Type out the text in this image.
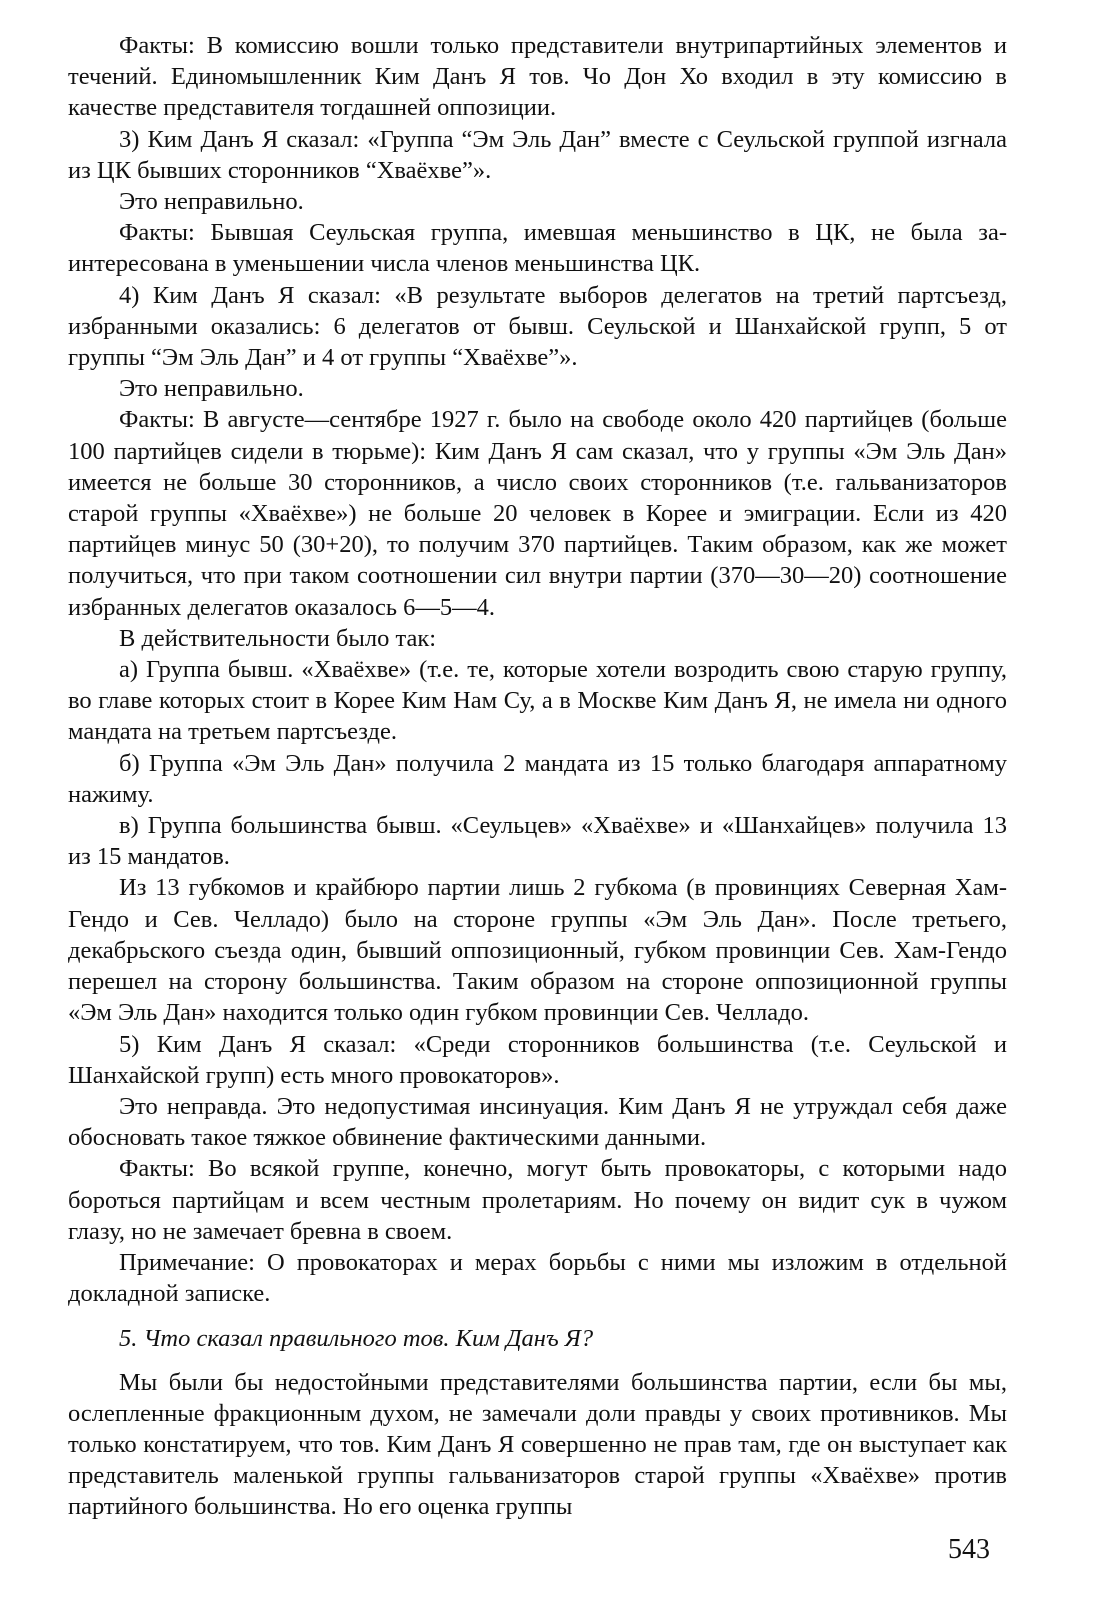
Факты: В комиссию вошли только представители внутрипартийных элементов и течений. Единомышленник Ким Данъ Я тов. Чо Дон Хо входил в эту комиссию в качестве представителя тогдашней оппозиции.

3) Ким Данъ Я сказал: «Группа “Эм Эль Дан” вместе с Сеульской группой изгнала из ЦК бывших сторонников “Хваёхве”».

Это неправильно.

Факты: Бывшая Сеульская группа, имевшая меньшинство в ЦК, не была заинтересована в уменьшении числа членов меньшинства ЦК.

4) Ким Данъ Я сказал: «В результате выборов делегатов на третий партсъезд, избранными оказались: 6 делегатов от бывш. Сеульской и Шанхайской групп, 5 от группы “Эм Эль Дан” и 4 от группы “Хваёхве”».

Это неправильно.

Факты: В августе—сентябре 1927 г. было на свободе около 420 партийцев (больше 100 партийцев сидели в тюрьме): Ким Данъ Я сам сказал, что у группы «Эм Эль Дан» имеется не больше 30 сторонников, а число своих сторонников (т.е. гальванизаторов старой группы «Хваёхве») не больше 20 человек в Корее и эмиграции. Если из 420 партийцев минус 50 (30+20), то получим 370 партийцев. Таким образом, как же может получиться, что при таком соотношении сил внутри партии (370—30—20) соотношение избранных делегатов оказалось 6—5—4.

В действительности было так:

а) Группа бывш. «Хваёхве» (т.е. те, которые хотели возродить свою старую группу, во главе которых стоит в Корее Ким Нам Су, а в Москве Ким Данъ Я, не имела ни одного мандата на третьем партсъезде.

б) Группа «Эм Эль Дан» получила 2 мандата из 15 только благодаря аппаратному нажиму.

в) Группа большинства бывш. «Сеульцев» «Хваёхве» и «Шанхайцев» получила 13 из 15 мандатов.

Из 13 губкомов и крайбюро партии лишь 2 губкома (в провинциях Северная Хам-Гендо и Сев. Челладо) было на стороне группы «Эм Эль Дан». После третьего, декабрьского съезда один, бывший оппозиционный, губком провинции Сев. Хам-Гендо перешел на сторону большинства. Таким образом на стороне оппозиционной группы «Эм Эль Дан» находится только один губком провинции Сев. Челладо.

5) Ким Данъ Я сказал: «Среди сторонников большинства (т.е. Сеульской и Шанхайской групп) есть много провокаторов».

Это неправда. Это недопустимая инсинуация. Ким Данъ Я не утруждал себя даже обосновать такое тяжкое обвинение фактическими данными.

Факты: Во всякой группе, конечно, могут быть провокаторы, с которыми надо бороться партийцам и всем честным пролетариям. Но почему он видит сук в чужом глазу, но не замечает бревна в своем.

Примечание: О провокаторах и мерах борьбы с ними мы изложим в отдельной докладной записке.

5. Что сказал правильного тов. Ким Данъ Я?

Мы были бы недостойными представителями большинства партии, если бы мы, ослепленные фракционным духом, не замечали доли правды у своих противников. Мы только констатируем, что тов. Ким Данъ Я совершенно не прав там, где он выступает как представитель маленькой группы гальванизаторов старой группы «Хваёхве» против партийного большинства. Но его оценка группы

543
